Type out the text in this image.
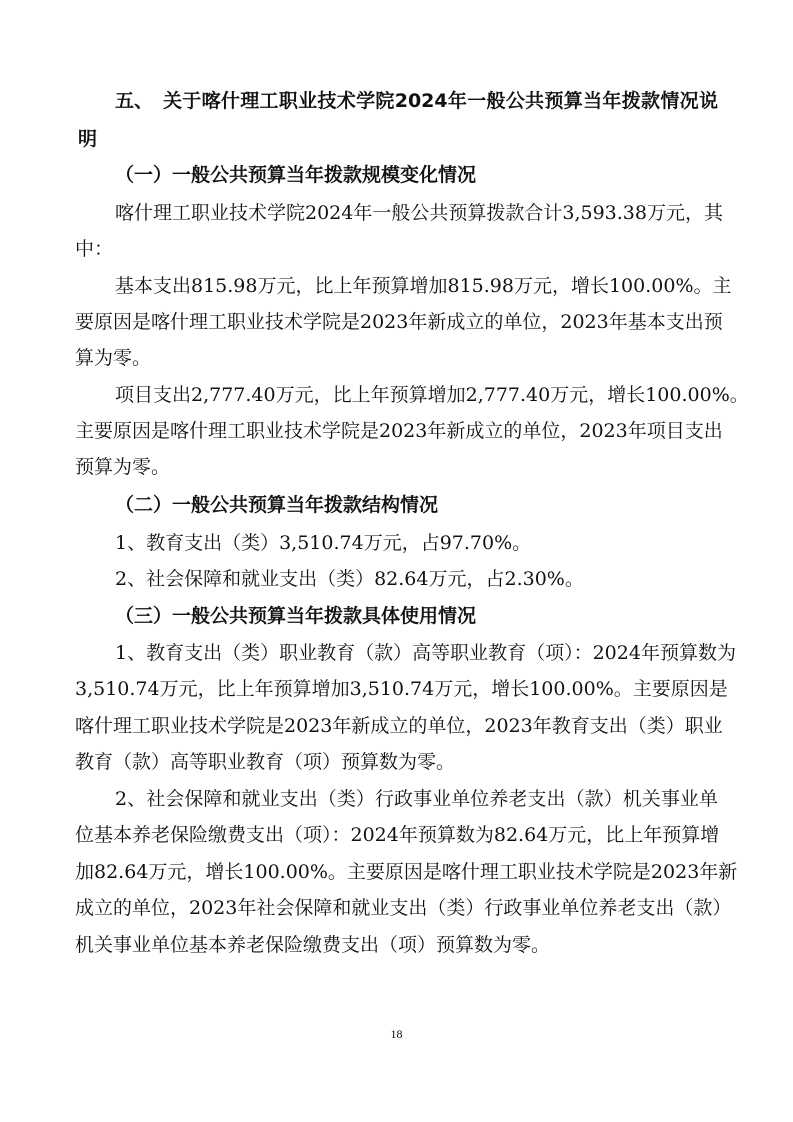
五、 关于喀什理工职业技术学院2024年一般公共预算当年拨款情况说
明
（一）一般公共预算当年拨款规模变化情况
喀什理工职业技术学院2024年一般公共预算拨款合计3,593.38万元，其
中：
基本支出815.98万元，比上年预算增加815.98万元，增长100.00%。主
要原因是喀什理工职业技术学院是2023年新成立的单位，2023年基本支出预
算为零。
项目支出2,777.40万元，比上年预算增加2,777.40万元，增长100.00%。
主要原因是喀什理工职业技术学院是2023年新成立的单位，2023年项目支出
预算为零。
（二）一般公共预算当年拨款结构情况
1、教育支出（类）3,510.74万元，占97.70%。
2、社会保障和就业支出（类）82.64万元，占2.30%。
（三）一般公共预算当年拨款具体使用情况
1、教育支出（类）职业教育（款）高等职业教育（项）：2024年预算数为
3,510.74万元，比上年预算增加3,510.74万元，增长100.00%。主要原因是
喀什理工职业技术学院是2023年新成立的单位，2023年教育支出（类）职业
教育（款）高等职业教育（项）预算数为零。
2、社会保障和就业支出（类）行政事业单位养老支出（款）机关事业单
位基本养老保险缴费支出（项）：2024年预算数为82.64万元，比上年预算增
加82.64万元，增长100.00%。主要原因是喀什理工职业技术学院是2023年新
成立的单位，2023年社会保障和就业支出（类）行政事业单位养老支出（款）
机关事业单位基本养老保险缴费支出（项）预算数为零。
18
